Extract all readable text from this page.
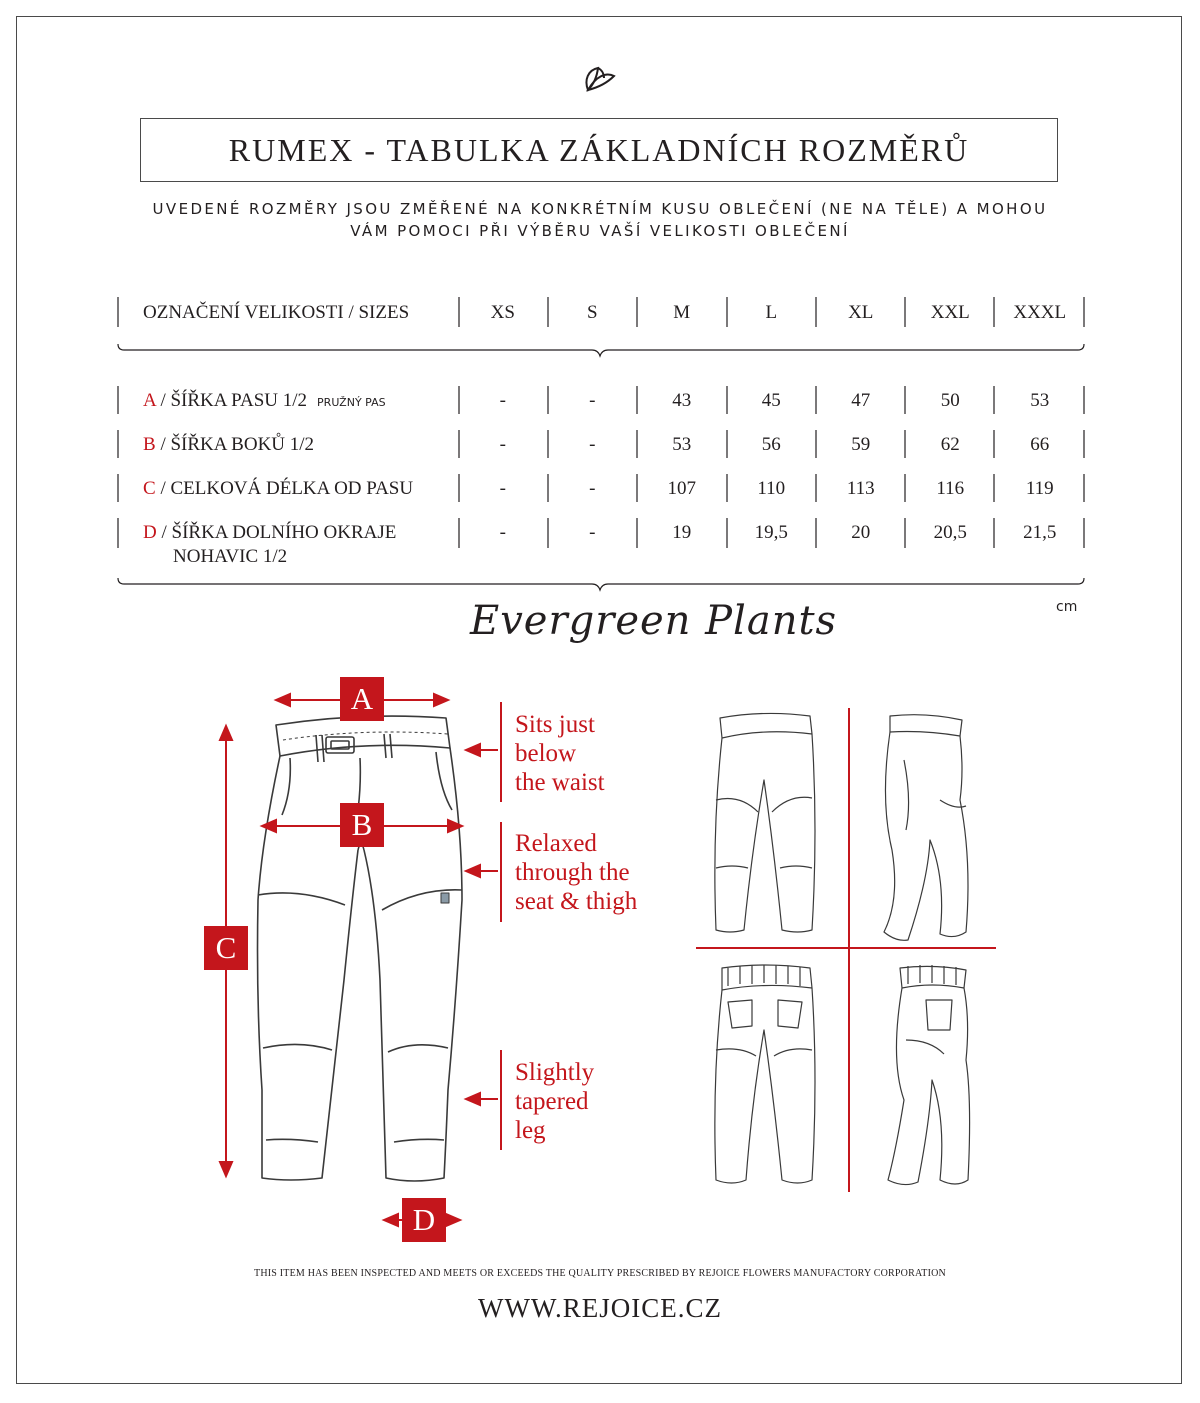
RUMEX - TABULKA ZÁKLADNÍCH ROZMĚRŮ
UVEDENÉ ROZMĚRY JSOU ZMĚŘENÉ NA KONKRÉTNÍM KUSU OBLEČENÍ (NE NA TĚLE) A MOHOU
VÁM POMOCI PŘI VÝBĚRU VAŠÍ VELIKOSTI OBLEČENÍ
OZNAČENÍ VELIKOSTI / SIZES	XS	S	M	L	XL	XXL	XXXL
A / ŠÍŘKA PASU 1/2 PRUŽNÝ PAS	-	-	43	45	47	50	53
B / ŠÍŘKA BOKŮ 1/2	-	-	53	56	59	62	66
C / CELKOVÁ DÉLKA OD PASU	-	-	107	110	113	116	119
D / ŠÍŘKA DOLNÍHO OKRAJE	-	-	19	19,5	20	20,5	21,5
NOHAVIC 1/2
cm
Evergreen Plants
A
B
C
D
Sits just
below
the waist
Relaxed
through the
seat & thigh
Slightly
tapered
leg
THIS ITEM HAS BEEN INSPECTED AND MEETS OR EXCEEDS THE QUALITY PRESCRIBED BY REJOICE FLOWERS MANUFACTORY CORPORATION
WWW.REJOICE.CZ
